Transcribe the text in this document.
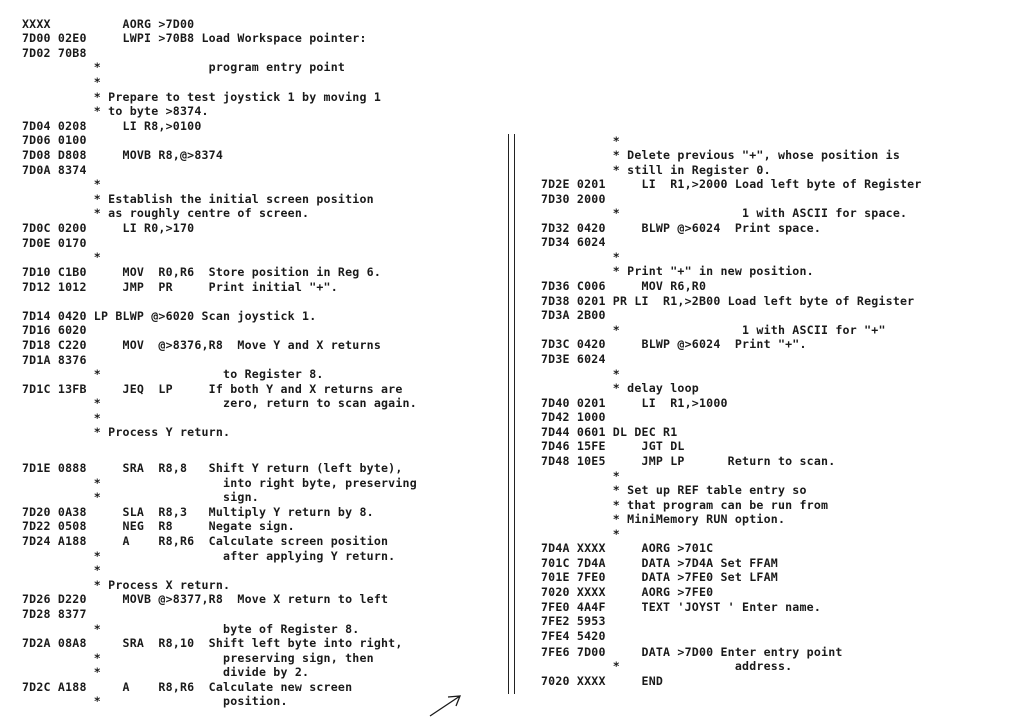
XXXX          AORG >7D00
7D00 02E0     LWPI >70B8 Load Workspace pointer:
7D02 70B8
*               program entry point
*
* Prepare to test joystick 1 by moving 1
* to byte >8374.
7D04 0208     LI R8,>0100
7D06 0100
7D08 D808     MOVB R8,@>8374
7D0A 8374
*
* Establish the initial screen position
* as roughly centre of screen.
7D0C 0200     LI R0,>170
7D0E 0170
*
7D10 C1B0     MOV  R0,R6  Store position in Reg 6.
7D12 1012     JMP  PR     Print initial "+".
7D14 0420 LP BLWP @>6020 Scan joystick 1.
7D16 6020
7D18 C220     MOV  @>8376,R8  Move Y and X returns
7D1A 8376
*                 to Register 8.
7D1C 13FB     JEQ  LP     If both Y and X returns are
*                 zero, return to scan again.
*
* Process Y return.
7D1E 0888     SRA  R8,8   Shift Y return (left byte),
*                 into right byte, preserving
*                 sign.
7D20 0A38     SLA  R8,3   Multiply Y return by 8.
7D22 0508     NEG  R8     Negate sign.
7D24 A188     A    R8,R6  Calculate screen position
*                 after applying Y return.
*
* Process X return.
7D26 D220     MOVB @>8377,R8  Move X return to left
7D28 8377
*                 byte of Register 8.
7D2A 08A8     SRA  R8,10  Shift left byte into right,
*                 preserving sign, then
*                 divide by 2.
7D2C A188     A    R8,R6  Calculate new screen
*                 position.
*
* Delete previous "+", whose position is
* still in Register 0.
7D2E 0201     LI  R1,>2000 Load left byte of Register
7D30 2000
*                 1 with ASCII for space.
7D32 0420     BLWP @>6024  Print space.
7D34 6024
*
* Print "+" in new position.
7D36 C006     MOV R6,R0
7D38 0201 PR LI  R1,>2B00 Load left byte of Register
7D3A 2B00
*                 1 with ASCII for "+"
7D3C 0420     BLWP @>6024  Print "+".
7D3E 6024
*
* delay loop
7D40 0201     LI  R1,>1000
7D42 1000
7D44 0601 DL DEC R1
7D46 15FE     JGT DL
7D48 10E5     JMP LP      Return to scan.
*
* Set up REF table entry so
* that program can be run from
* MiniMemory RUN option.
*
7D4A XXXX     AORG >701C
701C 7D4A     DATA >7D4A Set FFAM
701E 7FE0     DATA >7FE0 Set LFAM
7020 XXXX     AORG >7FE0
7FE0 4A4F     TEXT 'JOYST ' Enter name.
7FE2 5953
7FE4 5420
7FE6 7D00     DATA >7D00 Enter entry point
*                address.
7020 XXXX     END
